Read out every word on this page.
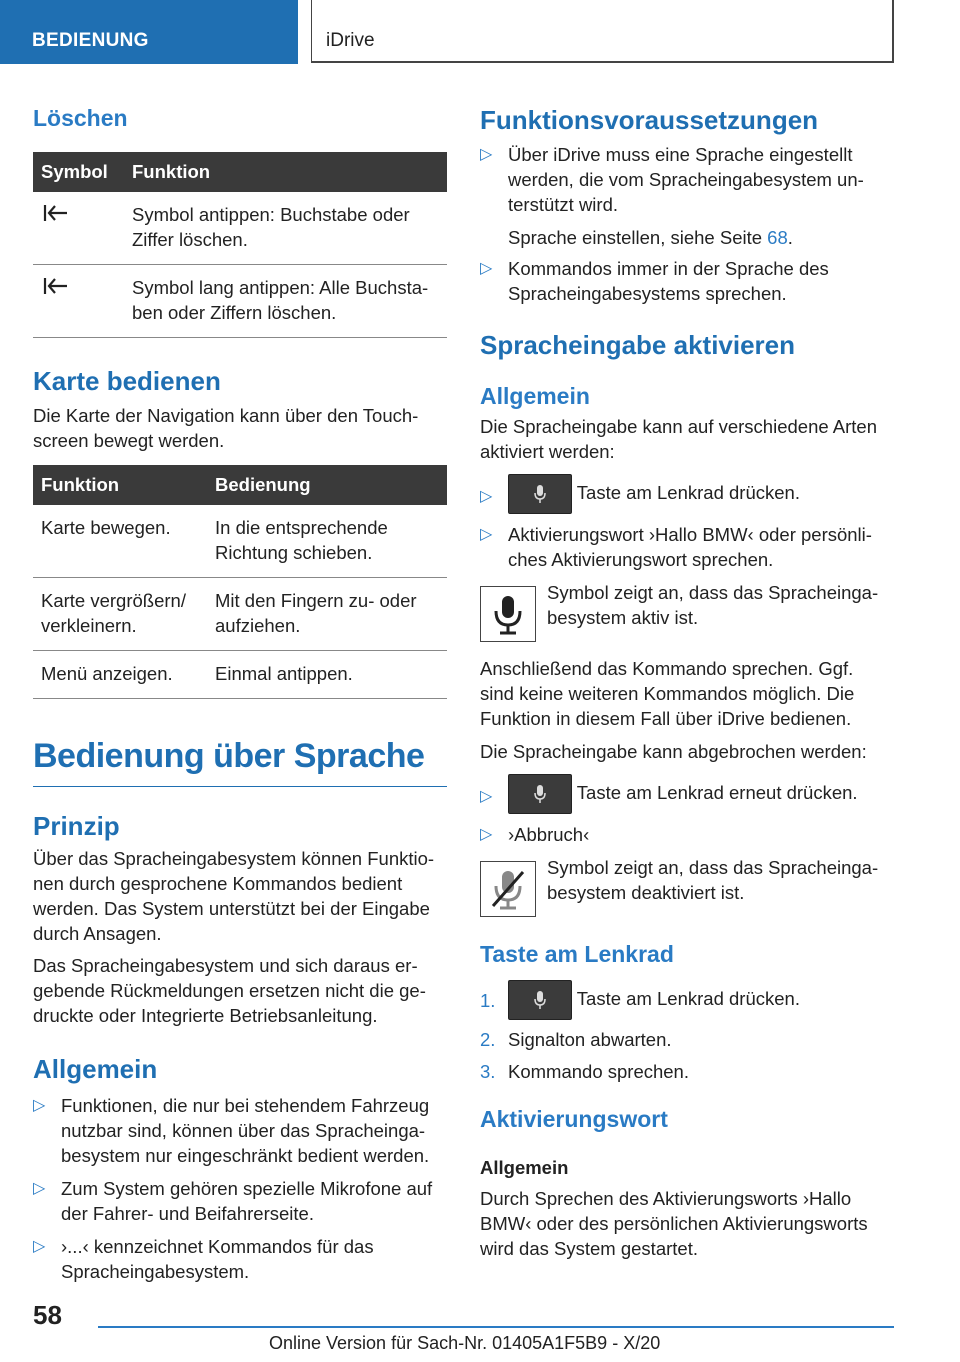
BEDIENUNG	iDrive
Löschen
Symbol	Funktion
	Symbol antippen: Buchstabe oder Ziffer löschen.
	Symbol lang antippen: Alle Buchstaben oder Ziffern löschen.
Karte bedienen

Die Karte der Navigation kann über den Touchscreen bewegt werden.

Funktion	Bedienung
Karte bewegen.	In die entsprechende Richtung schieben.
Karte vergrößern/ verkleinern.	Mit den Fingern zu- oder aufziehen.
Menü anzeigen.	Einmal antippen.
Bedienung über Sprache
Prinzip

Über das Spracheingabesystem können Funktionen durch gesprochene Kommandos bedient werden. Das System unterstützt bei der Eingabe durch Ansagen.

Das Spracheingabesystem und sich daraus ergebende Rückmeldungen ersetzen nicht die gedruckte oder Integrierte Betriebsanleitung.

Allgemein
▷ Funktionen, die nur bei stehendem Fahrzeug nutzbar sind, können über das Spracheingabesystem nur eingeschränkt bedient werden.
▷ Zum System gehören spezielle Mikrofone auf der Fahrer- und Beifahrerseite.
▷ ›...‹ kennzeichnet Kommandos für das Spracheingabesystem.
Funktionsvoraussetzungen
▷ Über iDrive muss eine Sprache eingestellt werden, die vom Spracheingabesystem unterstützt wird.
Sprache einstellen, siehe Seite 68.
▷ Kommandos immer in der Sprache des Spracheingabesystems sprechen.
Spracheingabe aktivieren
Allgemein

Die Spracheingabe kann auf verschiedene Arten aktiviert werden:

▷	Taste am Lenkrad drücken.
▷ Aktivierungswort ›Hallo BMW‹ oder persönliches Aktivierungswort sprechen.

Symbol zeigt an, dass das Spracheingabesystem aktiv ist.

Anschließend das Kommando sprechen. Ggf. sind keine weiteren Kommandos möglich. Die Funktion in diesem Fall über iDrive bedienen.

Die Spracheingabe kann abgebrochen werden:

▷	Taste am Lenkrad erneut drücken.
▷ ›Abbruch‹

Symbol zeigt an, dass das Spracheingabesystem deaktiviert ist.

Taste am Lenkrad
1.	Taste am Lenkrad drücken.
2. Signalton abwarten.
3. Kommando sprechen.
Aktivierungswort

Allgemein

Durch Sprechen des Aktivierungsworts ›Hallo BMW‹ oder des persönlichen Aktivierungsworts wird das System gestartet.

58
Online Version für Sach-Nr. 01405A1F5B9 - X/20
